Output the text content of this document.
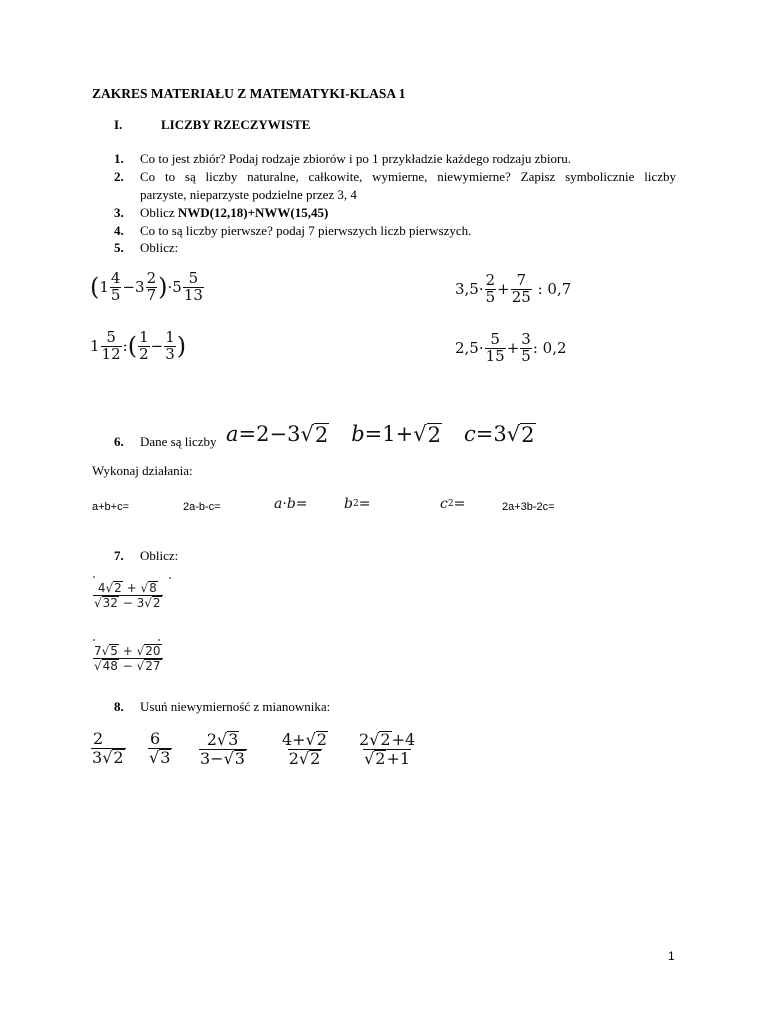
ZAKRES MATERIAŁU Z MATEMATYKI-KLASA 1
I.	LICZBY RZECZYWISTE
1. Co to jest zbiór? Podaj rodzaje zbiorów i po 1 przykładzie każdego rodzaju zbioru.
2. Co to są liczby naturalne, całkowite, wymierne, niewymierne? Zapisz symbolicznie liczby
parzyste, nieparzyste podzielne przez 3, 4
3. Oblicz NWD(12,18)+NWW(15,45)
4. Co to są liczby pierwsze? podaj 7 pierwszych liczb pierwszych.
5. Oblicz:
( $1 \frac{4}{5} -3 \frac{2}{7}$ ) $\cdot 5 \frac{5}{13}$	$3,5\cdot \frac{2}{5} + \frac{7}{25}$ : 0,7
$1 \frac{5}{12}$ : ( $\frac{1}{2} - \frac{1}{3}$ )	$2,5\cdot \frac{5}{15} + \frac{3}{5}$ : 0,2
6. Dane są liczby a =2−3 √ 2 b =1+ √ 2 c =3 √ 2
Wykonaj działania:
a+b+c=	2a-b-c=	a · b =	b 2 =	c 2 =	2a+3b-2c=
7. Oblicz:
$\frac{4 √ 2 + √ 8}{√ 32 - 3 √ 2}$
$\frac{7 √ 5 + √ 20}{√ 48 - √ 27}$
8. Usuń niewymierność z mianownika:
$\frac{2}{3 √ 2} \frac{6}{√ 3} \frac{2 √ 3}{3- √ 3} \frac{4+ √ 2}{2 √ 2} \frac{2 √ 2 +4}{√ 2 +1}$
1
